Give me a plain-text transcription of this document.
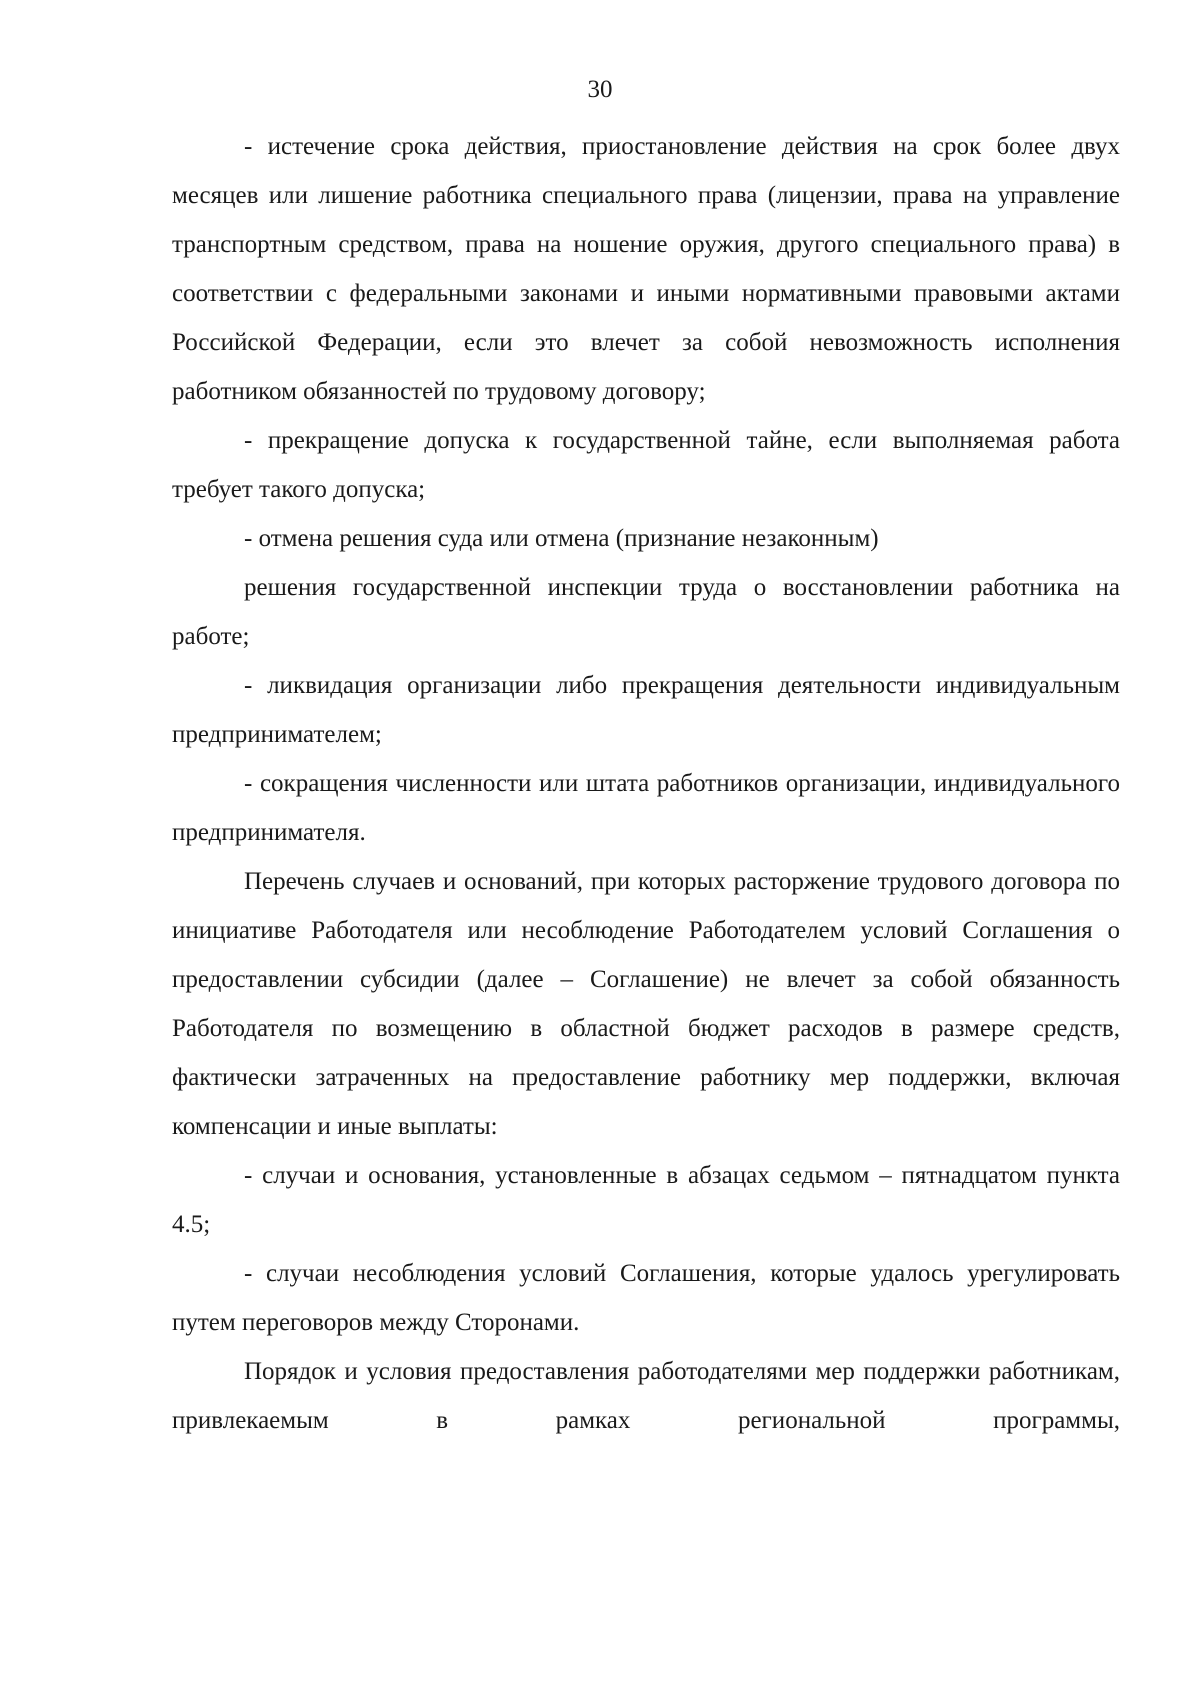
30

- истечение срока действия, приостановление действия на срок более двух месяцев или лишение работника специального права (лицензии, права на управление транспортным средством, права на ношение оружия, другого специального права) в соответствии с федеральными законами и иными нормативными правовыми актами Российской Федерации, если это влечет за собой невозможность исполнения работником обязанностей по трудовому договору;

- прекращение допуска к государственной тайне, если выполняемая работа требует такого допуска;

- отмена решения суда или отмена (признание незаконным)

решения государственной инспекции труда о восстановлении работника на работе;

- ликвидация организации либо прекращения деятельности индивидуальным предпринимателем;

- сокращения численности или штата работников организации, индивидуального предпринимателя.

Перечень случаев и оснований, при которых расторжение трудового договора по инициативе Работодателя или несоблюдение Работодателем условий Соглашения о предоставлении субсидии (далее – Соглашение) не влечет за собой обязанность Работодателя по возмещению в областной бюджет расходов в размере средств, фактически затраченных на предоставление работнику мер поддержки, включая компенсации и иные выплаты:

- случаи и основания, установленные в абзацах седьмом – пятнадцатом пункта 4.5;

- случаи несоблюдения условий Соглашения, которые удалось урегулировать путем переговоров между Сторонами.

Порядок и условия предоставления работодателями мер поддержки работникам, привлекаемым в рамках региональной программы,
